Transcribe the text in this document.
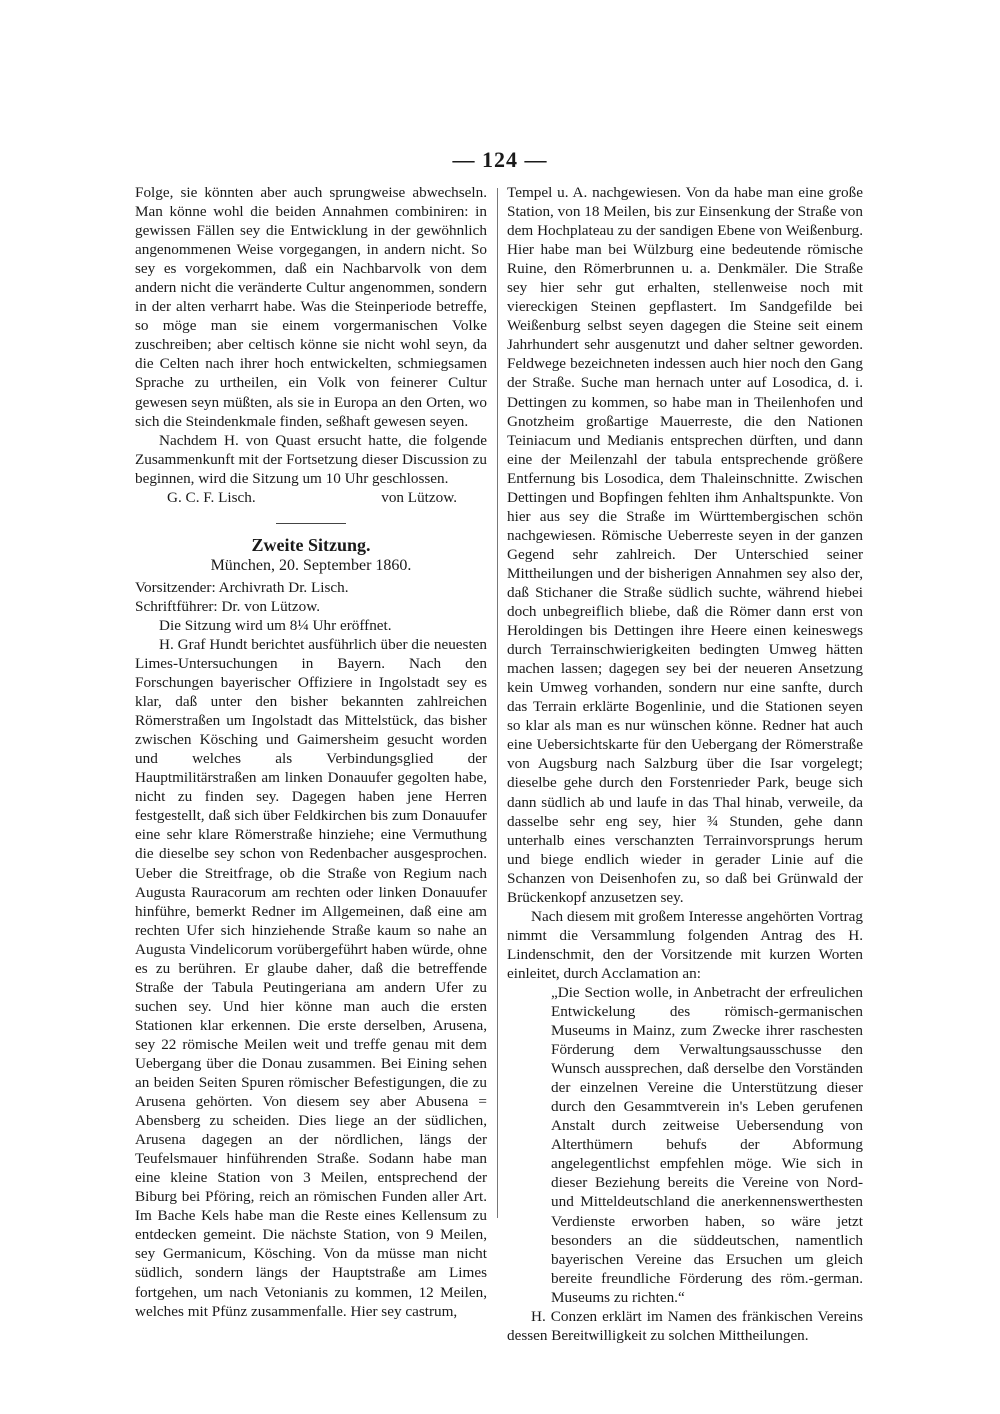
— 124 —

Folge, sie könnten aber auch sprungweise abwechseln. Man könne wohl die beiden Annahmen combiniren: in gewissen Fällen sey die Entwicklung in der gewöhnlich angenommenen Weise vorgegangen, in andern nicht. So sey es vorgekommen, daß ein Nachbarvolk von dem andern nicht die veränderte Cultur angenommen, sondern in der alten verharrt habe. Was die Steinperiode betreffe, so möge man sie einem vorgermanischen Volke zuschreiben; aber celtisch könne sie nicht wohl seyn, da die Celten nach ihrer hoch entwickelten, schmiegsamen Sprache zu urtheilen, ein Volk von feinerer Cultur gewesen seyn müßten, als sie in Europa an den Orten, wo sich die Steindenkmale finden, seßhaft gewesen seyen.

Nachdem H. von Quast ersucht hatte, die folgende Zusammenkunft mit der Fortsetzung dieser Discussion zu beginnen, wird die Sitzung um 10 Uhr geschlossen.

G. C. F. Lisch.	von Lützow.
Zweite Sitzung.
München, 20. September 1860.

Vorsitzender: Archivrath Dr. Lisch.

Schriftführer: Dr. von Lützow.

Die Sitzung wird um 8¼ Uhr eröffnet.

H. Graf Hundt berichtet ausführlich über die neuesten Limes-Untersuchungen in Bayern. Nach den Forschungen bayerischer Offiziere in Ingolstadt sey es klar, daß unter den bisher bekannten zahlreichen Römerstraßen um Ingolstadt das Mittelstück, das bisher zwischen Kösching und Gaimersheim gesucht worden und welches als Verbindungsglied der Hauptmilitärstraßen am linken Donauufer gegolten habe, nicht zu finden sey. Dagegen haben jene Herren festgestellt, daß sich über Feldkirchen bis zum Donauufer eine sehr klare Römerstraße hinziehe; eine Vermuthung die dieselbe sey schon von Redenbacher ausgesprochen. Ueber die Streitfrage, ob die Straße von Regium nach Augusta Rauracorum am rechten oder linken Donauufer hinführe, bemerkt Redner im Allgemeinen, daß eine am rechten Ufer sich hinziehende Straße kaum so nahe an Augusta Vindelicorum vorübergeführt haben würde, ohne es zu berühren. Er glaube daher, daß die betreffende Straße der Tabula Peutingeriana am andern Ufer zu suchen sey. Und hier könne man auch die ersten Stationen klar erkennen. Die erste derselben, Arusena, sey 22 römische Meilen weit und treffe genau mit dem Uebergang über die Donau zusammen. Bei Eining sehen an beiden Seiten Spuren römischer Befestigungen, die zu Arusena gehörten. Von diesem sey aber Abusena = Abensberg zu scheiden. Dies liege an der südlichen, Arusena dagegen an der nördlichen, längs der Teufelsmauer hinführenden Straße. Sodann habe man eine kleine Station von 3 Meilen, entsprechend der Biburg bei Pföring, reich an römischen Funden aller Art. Im Bache Kels habe man die Reste eines Kellensum zu entdecken gemeint. Die nächste Station, von 9 Meilen, sey Germanicum, Kösching. Von da müsse man nicht südlich, sondern längs der Hauptstraße am Limes fortgehen, um nach Vetonianis zu kommen, 12 Meilen, welches mit Pfünz zusammenfalle. Hier sey castrum,

Tempel u. A. nachgewiesen. Von da habe man eine große Station, von 18 Meilen, bis zur Einsenkung der Straße von dem Hochplateau zu der sandigen Ebene von Weißenburg. Hier habe man bei Wülzburg eine bedeutende römische Ruine, den Römerbrunnen u. a. Denkmäler. Die Straße sey hier sehr gut erhalten, stellenweise noch mit viereckigen Steinen gepflastert. Im Sandgefilde bei Weißenburg selbst seyen dagegen die Steine seit einem Jahrhundert sehr ausgenutzt und daher seltner geworden. Feldwege bezeichneten indessen auch hier noch den Gang der Straße. Suche man hernach unter auf Losodica, d. i. Dettingen zu kommen, so habe man in Theilenhofen und Gnotzheim großartige Mauerreste, die den Nationen Teiniacum und Medianis entsprechen dürften, und dann eine der Meilenzahl der tabula entsprechende größere Entfernung bis Losodica, dem Thaleinschnitte. Zwischen Dettingen und Bopfingen fehlten ihm Anhaltspunkte. Von hier aus sey die Straße im Württembergischen schön nachgewiesen. Römische Ueberreste seyen in der ganzen Gegend sehr zahlreich. Der Unterschied seiner Mittheilungen und der bisherigen Annahmen sey also der, daß Stichaner die Straße südlich suchte, während hiebei doch unbegreiflich bliebe, daß die Römer dann erst von Heroldingen bis Dettingen ihre Heere einen keineswegs durch Terrainschwierigkeiten bedingten Umweg hätten machen lassen; dagegen sey bei der neueren Ansetzung kein Umweg vorhanden, sondern nur eine sanfte, durch das Terrain erklärte Bogenlinie, und die Stationen seyen so klar als man es nur wünschen könne. Redner hat auch eine Uebersichtskarte für den Uebergang der Römerstraße von Augsburg nach Salzburg über die Isar vorgelegt; dieselbe gehe durch den Forstenrieder Park, beuge sich dann südlich ab und laufe in das Thal hinab, verweile, da dasselbe sehr eng sey, hier ¾ Stunden, gehe dann unterhalb eines verschanzten Terrainvorsprungs herum und biege endlich wieder in gerader Linie auf die Schanzen von Deisenhofen zu, so daß bei Grünwald der Brückenkopf anzusetzen sey.

Nach diesem mit großem Interesse angehörten Vortrag nimmt die Versammlung folgenden Antrag des H. Lindenschmit, den der Vorsitzende mit kurzen Worten einleitet, durch Acclamation an:

„Die Section wolle, in Anbetracht der erfreulichen Entwickelung des römisch-germanischen Museums in Mainz, zum Zwecke ihrer raschesten Förderung dem Verwaltungsausschusse den Wunsch aussprechen, daß derselbe den Vorständen der einzelnen Vereine die Unterstützung dieser durch den Gesammtverein in's Leben gerufenen Anstalt durch zeitweise Uebersendung von Alterthümern behufs der Abformung angelegentlichst empfehlen möge. Wie sich in dieser Beziehung bereits die Vereine von Nord- und Mitteldeutschland die anerkennenswerthesten Verdienste erworben haben, so wäre jetzt besonders an die süddeutschen, namentlich bayerischen Vereine das Ersuchen um gleich bereite freundliche Förderung des röm.-german. Museums zu richten.“

H. Conzen erklärt im Namen des fränkischen Vereins dessen Bereitwilligkeit zu solchen Mittheilungen.
